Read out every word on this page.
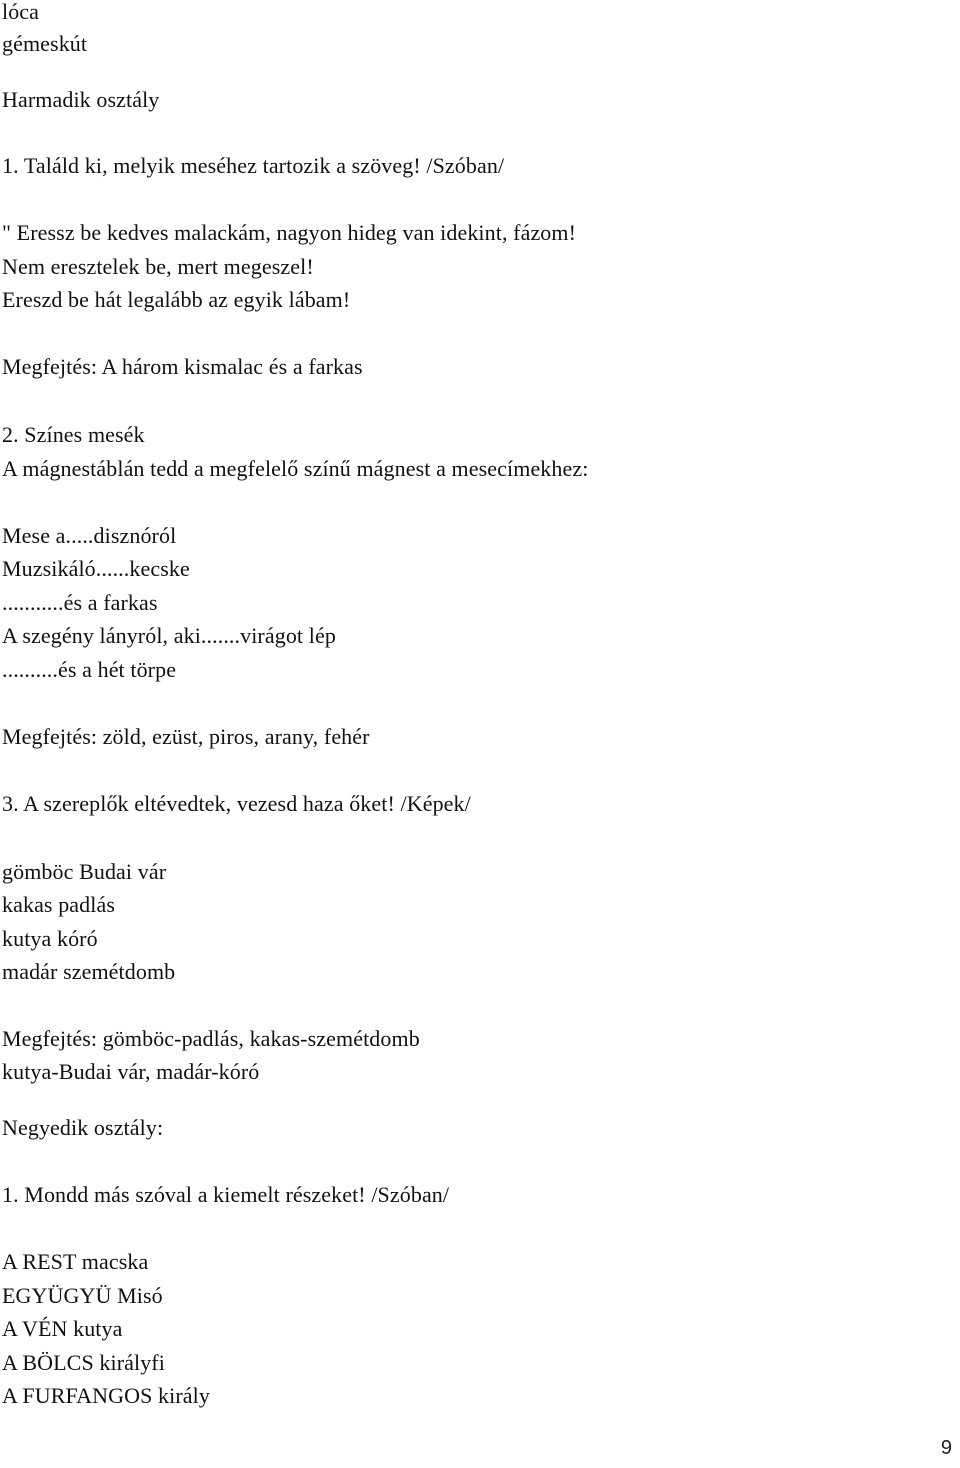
lóca
gémeskút
Harmadik osztály
1. Találd ki, melyik meséhez tartozik a szöveg! /Szóban/
" Eressz be kedves malackám, nagyon hideg van idekint, fázom!
Nem eresztelek be, mert megeszel!
Ereszd be hát legalább az egyik lábam!
Megfejtés: A három kismalac és a farkas
2. Színes mesék
A mágnestáblán tedd a megfelelő színű mágnest a mesecímekhez:
Mese a.....disznóról
Muzsikáló......kecske
...........és a farkas
A szegény lányról, aki.......virágot lép
..........és a hét törpe
Megfejtés: zöld, ezüst, piros, arany, fehér
3. A szereplők eltévedtek, vezesd haza őket! /Képek/
gömböc Budai vár
kakas padlás
kutya kóró
madár szemétdomb
Megfejtés: gömböc-padlás, kakas-szemétdomb
kutya-Budai vár, madár-kóró
Negyedik osztály:
1. Mondd más szóval a kiemelt részeket! /Szóban/
A REST macska
EGYÜGYÜ Misó
A VÉN kutya
A BÖLCS királyfi
A FURFANGOS király
9
